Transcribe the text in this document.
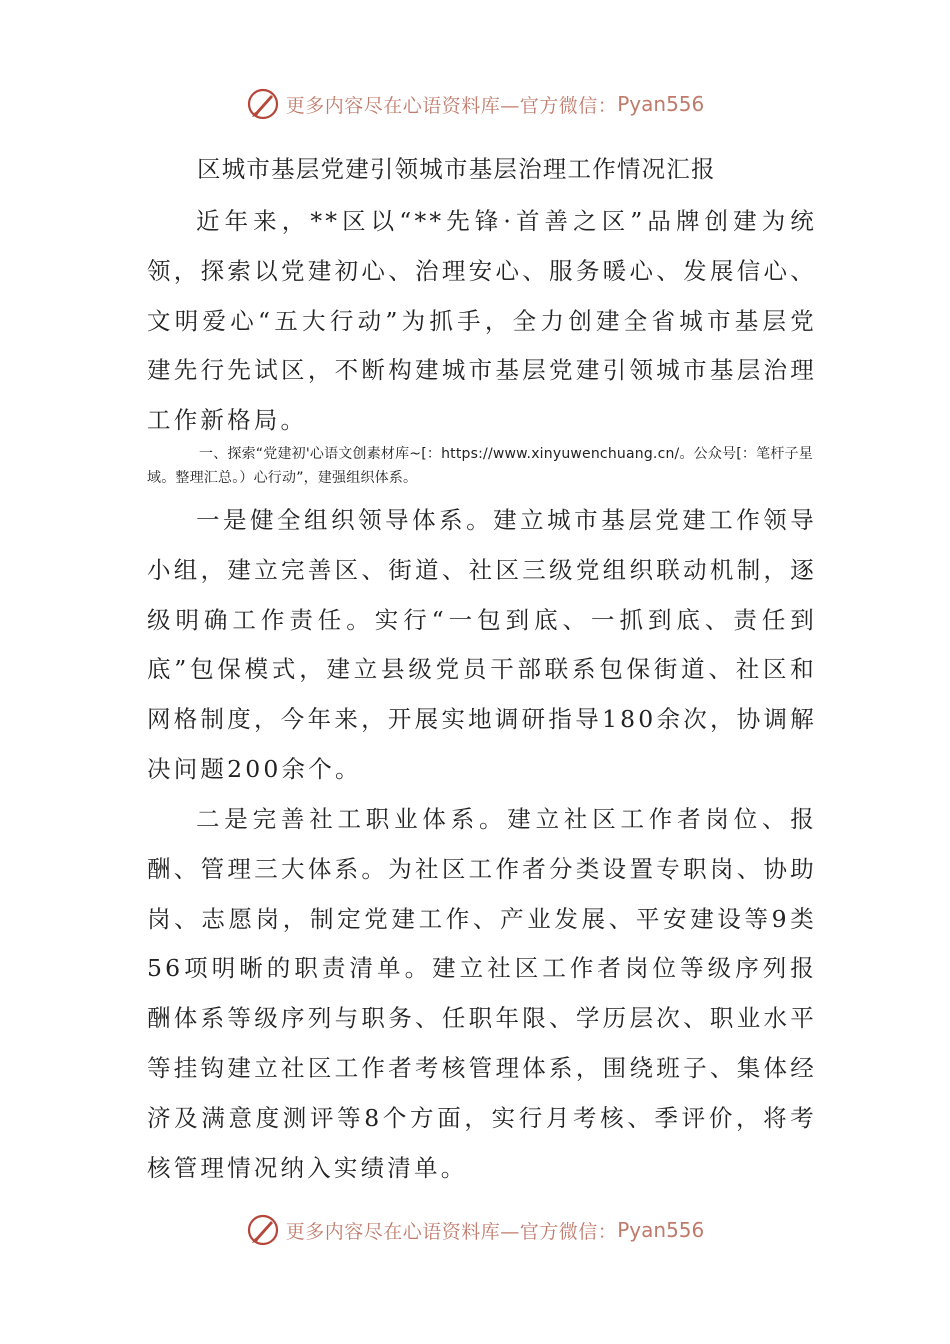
更多内容尽在心语资料库—官方微信： Pyan556
区城市基层党建引领城市基层治理工作情况汇报

近年来，**区以“**先锋·首善之区”品牌创建为统领，探索以党建初心、治理安心、服务暖心、发展信心、文明爱心“五大行动”为抓手，全力创建全省城市基层党建先行先试区，不断构建城市基层党建引领城市基层治理工作新格局。

一、探索“党建初'心语文创素材库~[：https://www.xinyuwenchuang.cn/。公众号[：笔杆子星域。整理汇总。）心行动”，建强组织体系。

一是健全组织领导体系。建立城市基层党建工作领导小组，建立完善区、街道、社区三级党组织联动机制，逐级明确工作责任。实行“一包到底、一抓到底、责任到底”包保模式，建立县级党员干部联系包保街道、社区和网格制度，今年来，开展实地调研指导180余次，协调解决问题200余个。

二是完善社工职业体系。建立社区工作者岗位、报酬、管理三大体系。为社区工作者分类设置专职岗、协助岗、志愿岗，制定党建工作、产业发展、平安建设等9类56项明晰的职责清单。建立社区工作者岗位等级序列报酬体系等级序列与职务、任职年限、学历层次、职业水平等挂钩建立社区工作者考核管理体系，围绕班子、集体经济及满意度测评等8个方面，实行月考核、季评价，将考核管理情况纳入实绩清单。

更多内容尽在心语资料库—官方微信： Pyan556
